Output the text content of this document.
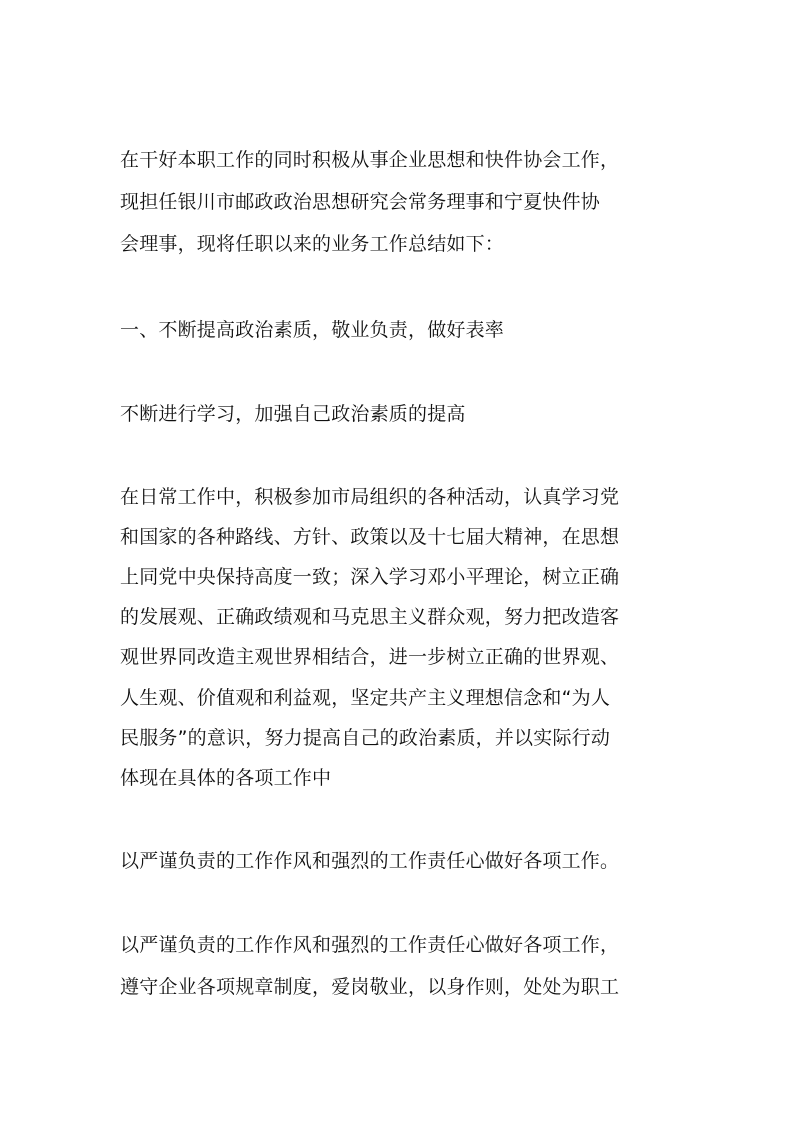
在干好本职工作的同时积极从事企业思想和快件协会工作，
现担任银川市邮政政治思想研究会常务理事和宁夏快件协
会理事，现将任职以来的业务工作总结如下：
一、不断提高政治素质，敬业负责，做好表率
不断进行学习，加强自己政治素质的提高
在日常工作中，积极参加市局组织的各种活动，认真学习党
和国家的各种路线、方针、政策以及十七届大精神，在思想
上同党中央保持高度一致；深入学习邓小平理论，树立正确
的发展观、正确政绩观和马克思主义群众观，努力把改造客
观世界同改造主观世界相结合，进一步树立正确的世界观、
人生观、价值观和利益观，坚定共产主义理想信念和“为人
民服务”的意识，努力提高自己的政治素质，并以实际行动
体现在具体的各项工作中
以严谨负责的工作作风和强烈的工作责任心做好各项工作。
以严谨负责的工作作风和强烈的工作责任心做好各项工作，
遵守企业各项规章制度，爱岗敬业，以身作则，处处为职工
